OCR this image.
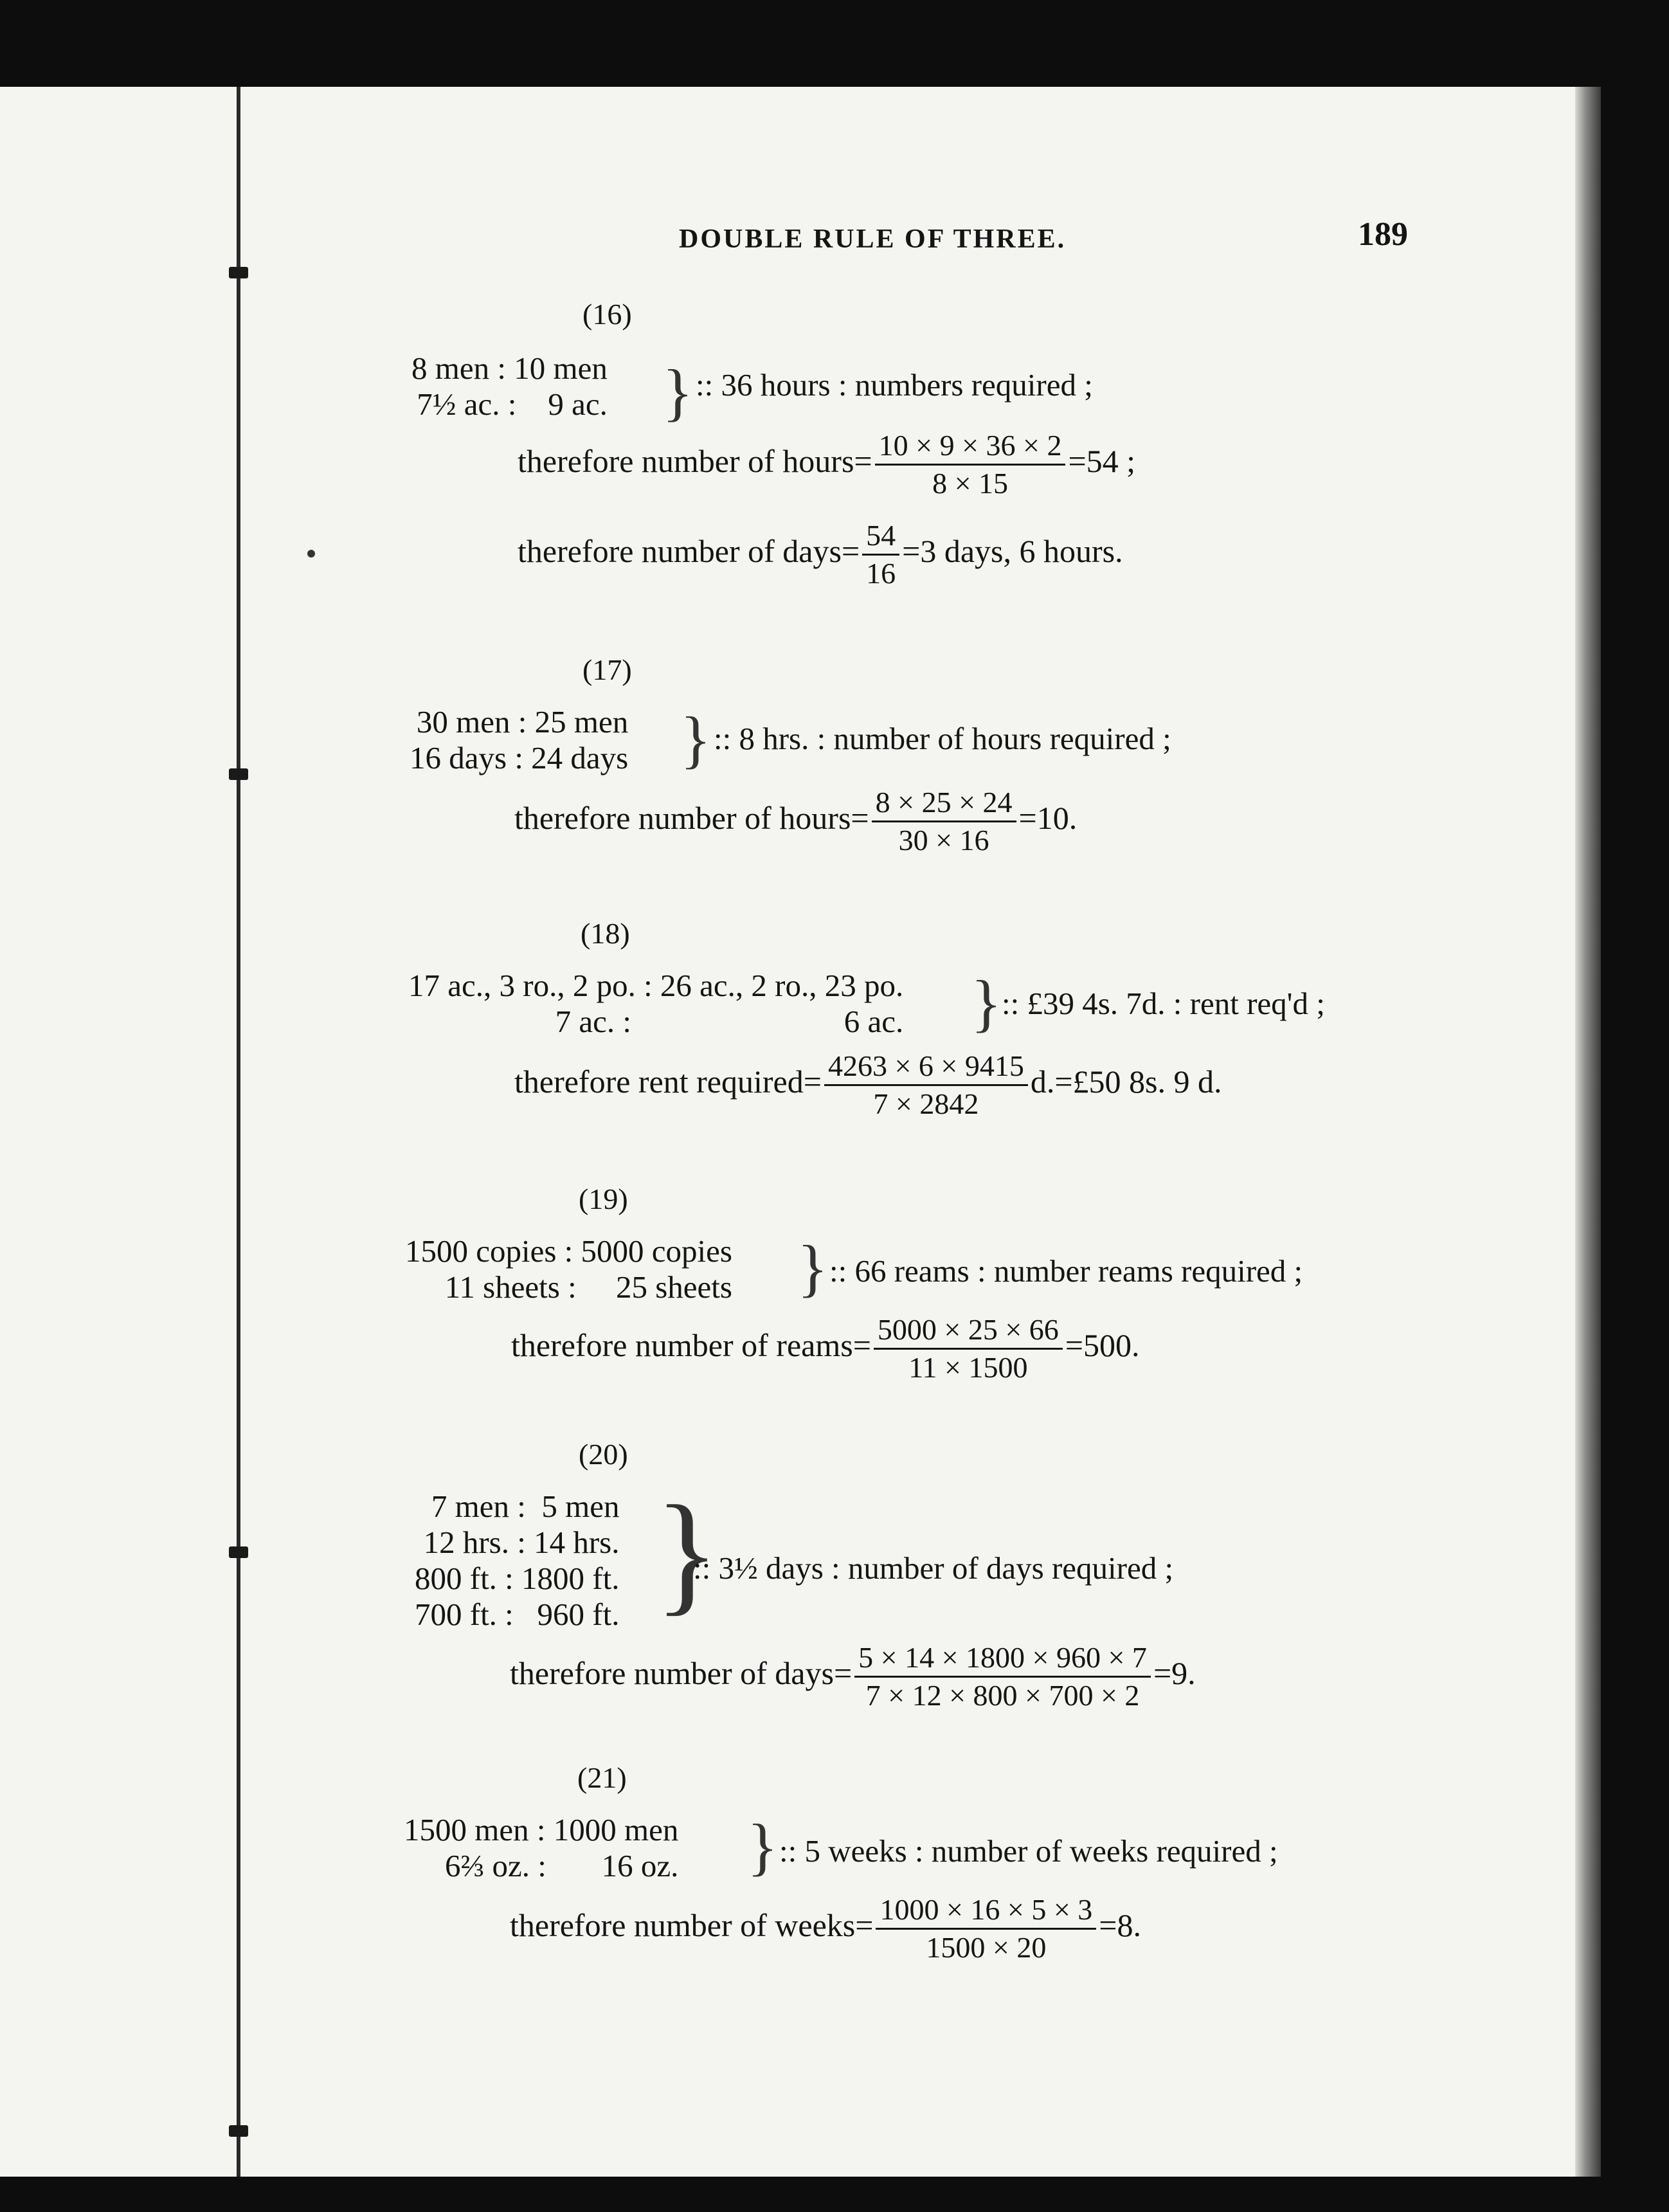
DOUBLE RULE OF THREE.	189
(16)
8 men : 10 men
7½ ac. :    9 ac. } :: 36 hours : numbers required ;
therefore number of hours= $\frac{10 \times 9 \times 36 \times 2}{8 \times 15} =54$ ;
therefore number of days= $\frac{54}{16} =3$ days, 6 hours.
(17)
30 men : 25 men
16 days : 24 days } :: 8 hrs. : number of hours required ;
therefore number of hours= $\frac{8 \times 25 \times 24}{30 \times 16} =10$.
(18)
17 ac., 3 ro., 2 po. : 26 ac., 2 ro., 23 po.
7 ac. :                           6 ac. } :: £39 4s. 7d. : rent req'd ;
therefore rent required= $\frac{4263 \times 6 \times 9415}{7 \times 2842}$ d.=£50 8s. 9 d.
(19)
1500 copies : 5000 copies
11 sheets :     25 sheets } :: 66 reams : number reams required ;
therefore number of reams= $\frac{5000 \times 25 \times 66}{11 \times 1500} =500$.
(20)
7 men :  5 men
12 hrs. : 14 hrs.
800 ft. : 1800 ft.
700 ft. :   960 ft. }
:: 3½ days : number of days required ;
therefore number of days= $\frac{5 \times 14 \times 1800 \times 960 \times 7}{7 \times 12 \times 800 \times 700 \times 2} =9$.
(21)
1500 men : 1000 men
6⅔ oz. :       16 oz. } :: 5 weeks : number of weeks required ;
therefore number of weeks= $\frac{1000 \times 16 \times 5 \times 3}{1500 \times 20} =8$.
